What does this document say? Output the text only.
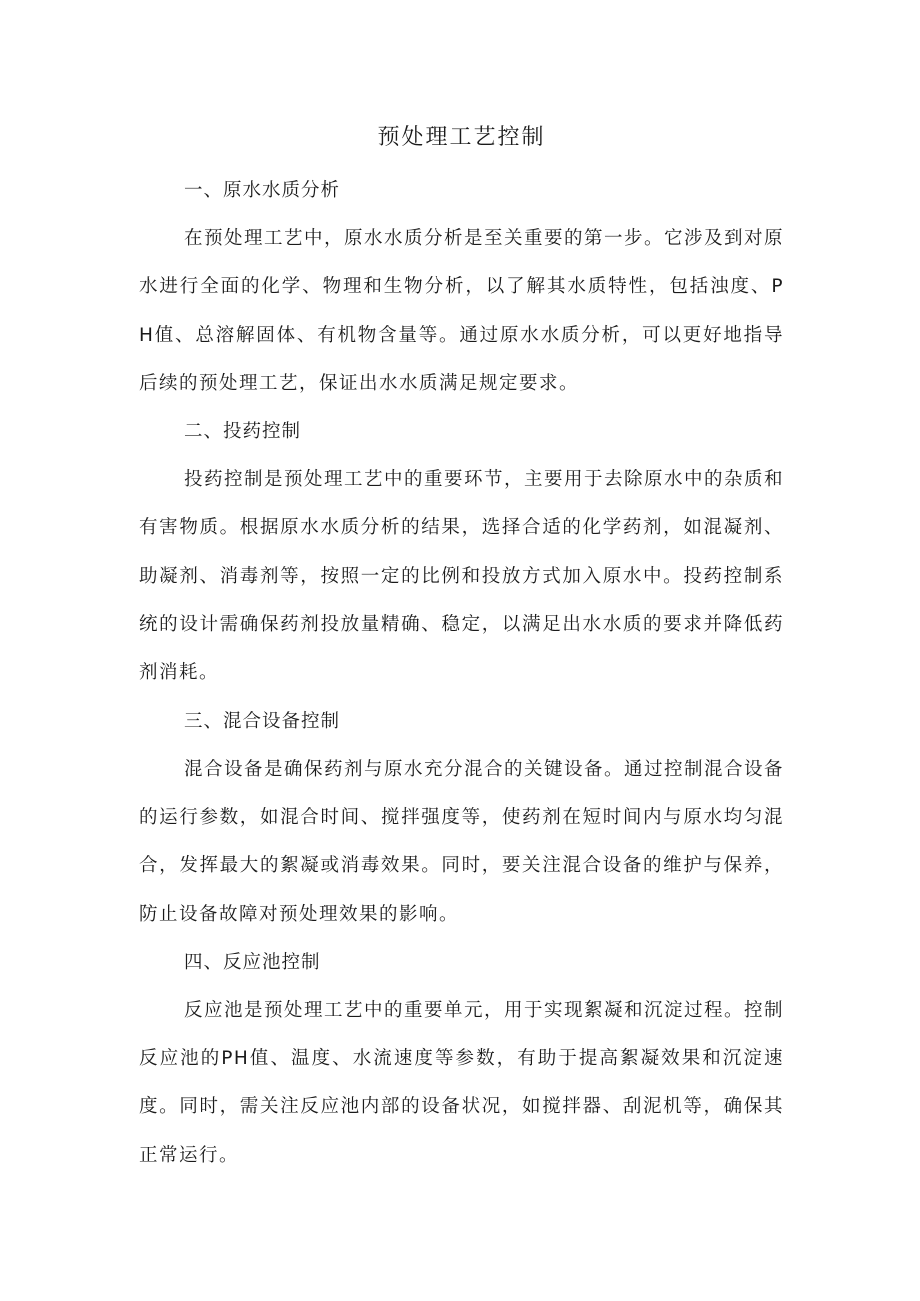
预处理工艺控制
一、原水水质分析

在预处理工艺中，原水水质分析是至关重要的第一步。它涉及到对原水进行全面的化学、物理和生物分析，以了解其水质特性，包括浊度、PH值、总溶解固体、有机物含量等。通过原水水质分析，可以更好地指导后续的预处理工艺，保证出水水质满足规定要求。

二、投药控制

投药控制是预处理工艺中的重要环节，主要用于去除原水中的杂质和有害物质。根据原水水质分析的结果，选择合适的化学药剂，如混凝剂、助凝剂、消毒剂等，按照一定的比例和投放方式加入原水中。投药控制系统的设计需确保药剂投放量精确、稳定，以满足出水水质的要求并降低药剂消耗。

三、混合设备控制

混合设备是确保药剂与原水充分混合的关键设备。通过控制混合设备的运行参数，如混合时间、搅拌强度等，使药剂在短时间内与原水均匀混合，发挥最大的絮凝或消毒效果。同时，要关注混合设备的维护与保养，防止设备故障对预处理效果的影响。

四、反应池控制

反应池是预处理工艺中的重要单元，用于实现絮凝和沉淀过程。控制反应池的PH值、温度、水流速度等参数，有助于提高絮凝效果和沉淀速度。同时，需关注反应池内部的设备状况，如搅拌器、刮泥机等，确保其正常运行。
